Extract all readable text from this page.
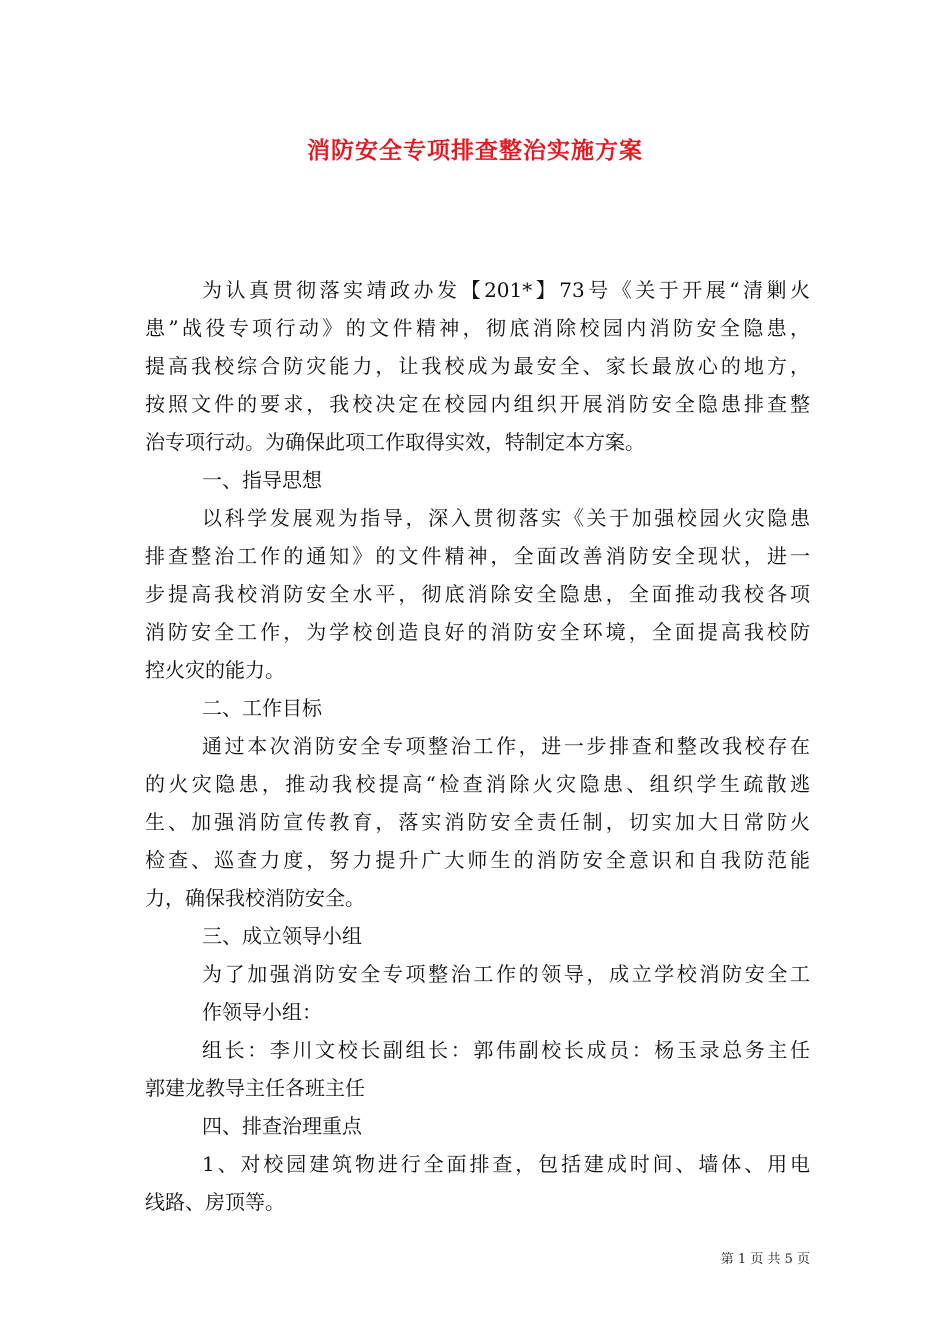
消防安全专项排查整治实施方案
为认真贯彻落实靖政办发【201*】73号《关于开展“清剿火
患”战役专项行动》的文件精神，彻底消除校园内消防安全隐患，
提高我校综合防灾能力，让我校成为最安全、家长最放心的地方，
按照文件的要求，我校决定在校园内组织开展消防安全隐患排查整
治专项行动。为确保此项工作取得实效，特制定本方案。
一、指导思想
以科学发展观为指导，深入贯彻落实《关于加强校园火灾隐患
排查整治工作的通知》的文件精神，全面改善消防安全现状，进一
步提高我校消防安全水平，彻底消除安全隐患，全面推动我校各项
消防安全工作，为学校创造良好的消防安全环境，全面提高我校防
控火灾的能力。
二、工作目标
通过本次消防安全专项整治工作，进一步排查和整改我校存在
的火灾隐患，推动我校提高“检查消除火灾隐患、组织学生疏散逃
生、加强消防宣传教育，落实消防安全责任制，切实加大日常防火
检查、巡查力度，努力提升广大师生的消防安全意识和自我防范能
力，确保我校消防安全。
三、成立领导小组
为了加强消防安全专项整治工作的领导，成立学校消防安全工
作领导小组：
组长：李川文校长副组长：郭伟副校长成员：杨玉录总务主任
郭建龙教导主任各班主任
四、排查治理重点
1、对校园建筑物进行全面排查，包括建成时间、墙体、用电
线路、房顶等。
第 1 页 共 5 页
